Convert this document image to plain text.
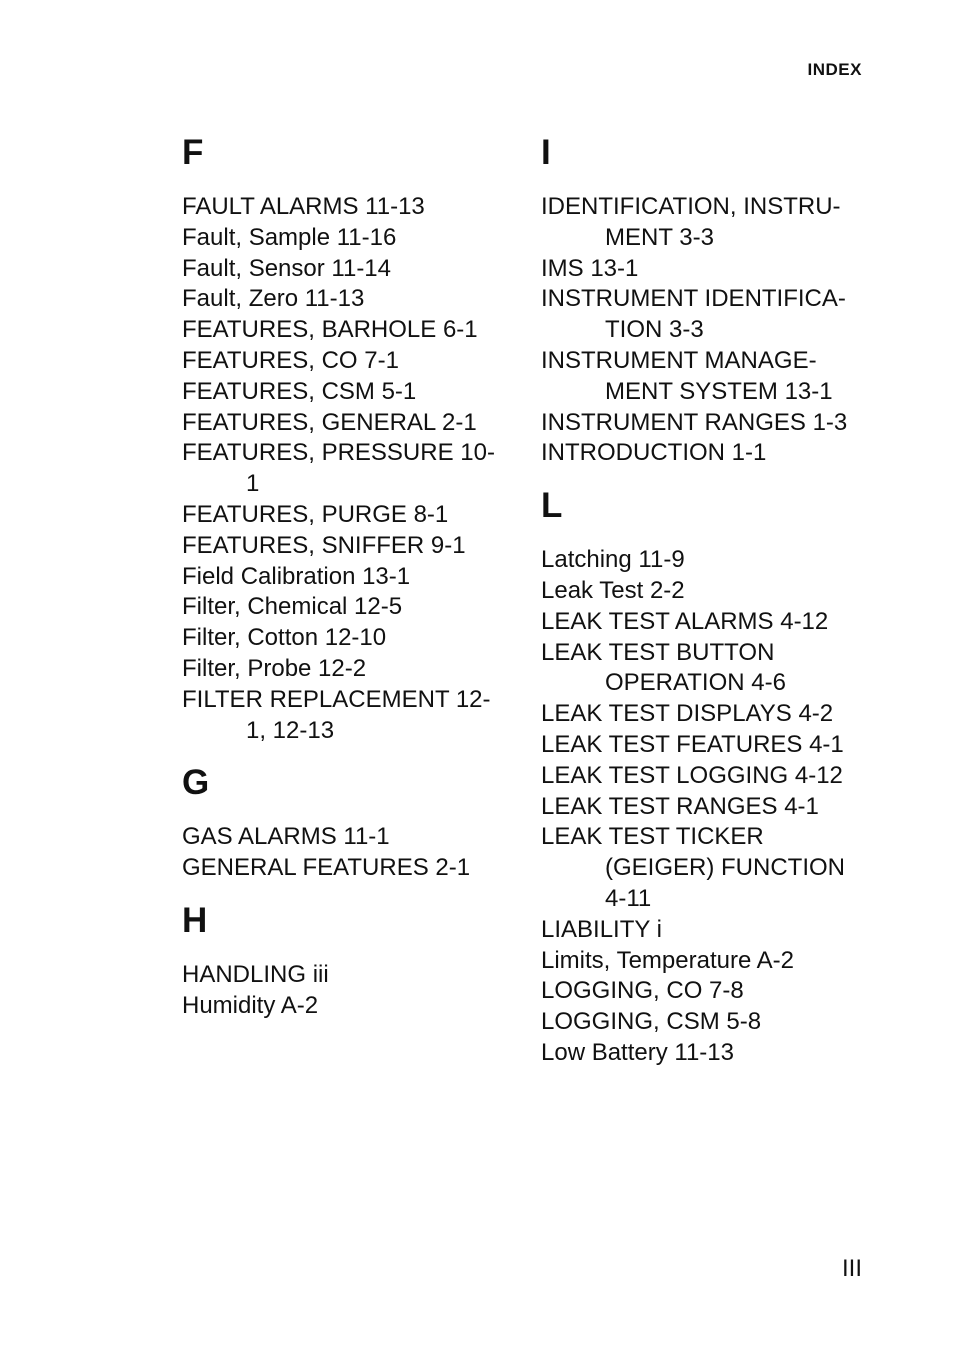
INDEX
F
FAULT ALARMS 11-13
Fault, Sample 11-16
Fault, Sensor 11-14
Fault, Zero 11-13
FEATURES, BARHOLE 6-1
FEATURES, CO 7-1
FEATURES, CSM 5-1
FEATURES, GENERAL 2-1
FEATURES, PRESSURE 10-
1
FEATURES, PURGE 8-1
FEATURES, SNIFFER 9-1
Field Calibration 13-1
Filter, Chemical 12-5
Filter, Cotton 12-10
Filter, Probe 12-2
FILTER REPLACEMENT 12-
1, 12-13
G
GAS ALARMS 11-1
GENERAL FEATURES 2-1
H
HANDLING iii
Humidity A-2
I
IDENTIFICATION, INSTRU-
MENT 3-3
IMS 13-1
INSTRUMENT IDENTIFICA-
TION 3-3
INSTRUMENT MANAGE-
MENT SYSTEM 13-1
INSTRUMENT RANGES 1-3
INTRODUCTION 1-1
L
Latching 11-9
Leak Test 2-2
LEAK TEST ALARMS 4-12
LEAK TEST BUTTON
OPERATION 4-6
LEAK TEST DISPLAYS 4-2
LEAK TEST FEATURES 4-1
LEAK TEST LOGGING 4-12
LEAK TEST RANGES 4-1
LEAK TEST TICKER
(GEIGER) FUNCTION
4-11
LIABILITY i
Limits, Temperature A-2
LOGGING, CO 7-8
LOGGING, CSM 5-8
Low Battery 11-13
III
